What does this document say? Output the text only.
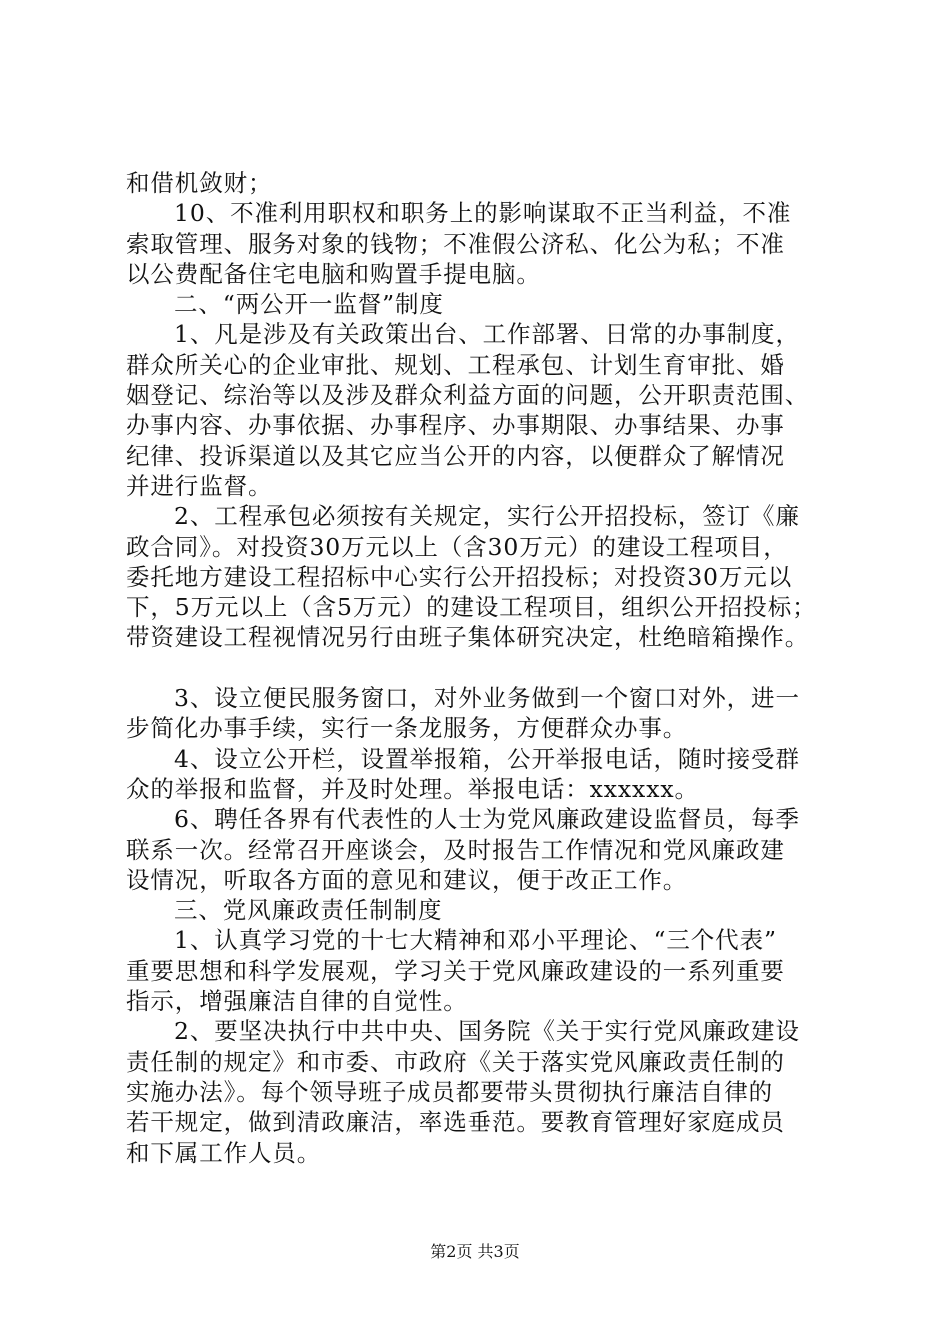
和借机敛财；
10、不准利用职权和职务上的影响谋取不正当利益，不准
索取管理、服务对象的钱物；不准假公济私、化公为私；不准
以公费配备住宅电脑和购置手提电脑。
二、“两公开一监督”制度
1、凡是涉及有关政策出台、工作部署、日常的办事制度，
群众所关心的企业审批、规划、工程承包、计划生育审批、婚
姻登记、综治等以及涉及群众利益方面的问题，公开职责范围、
办事内容、办事依据、办事程序、办事期限、办事结果、办事
纪律、投诉渠道以及其它应当公开的内容，以便群众了解情况
并进行监督。
2、工程承包必须按有关规定，实行公开招投标，签订《廉
政合同》。对投资30万元以上（含30万元）的建设工程项目，
委托地方建设工程招标中心实行公开招投标；对投资30万元以
下，5万元以上（含5万元）的建设工程项目，组织公开招投标；
带资建设工程视情况另行由班子集体研究决定，杜绝暗箱操作。
3、设立便民服务窗口，对外业务做到一个窗口对外，进一
步简化办事手续，实行一条龙服务，方便群众办事。
4、设立公开栏，设置举报箱，公开举报电话，随时接受群
众的举报和监督，并及时处理。举报电话：xxxxxx。
6、聘任各界有代表性的人士为党风廉政建设监督员，每季
联系一次。经常召开座谈会，及时报告工作情况和党风廉政建
设情况，听取各方面的意见和建议，便于改正工作。
三、党风廉政责任制制度
1、认真学习党的十七大精神和邓小平理论、“三个代表”
重要思想和科学发展观，学习关于党风廉政建设的一系列重要
指示，增强廉洁自律的自觉性。
2、要坚决执行中共中央、国务院《关于实行党风廉政建设
责任制的规定》和市委、市政府《关于落实党风廉政责任制的
实施办法》。每个领导班子成员都要带头贯彻执行廉洁自律的
若干规定，做到清政廉洁，率选垂范。要教育管理好家庭成员
和下属工作人员。
第2页 共3页
